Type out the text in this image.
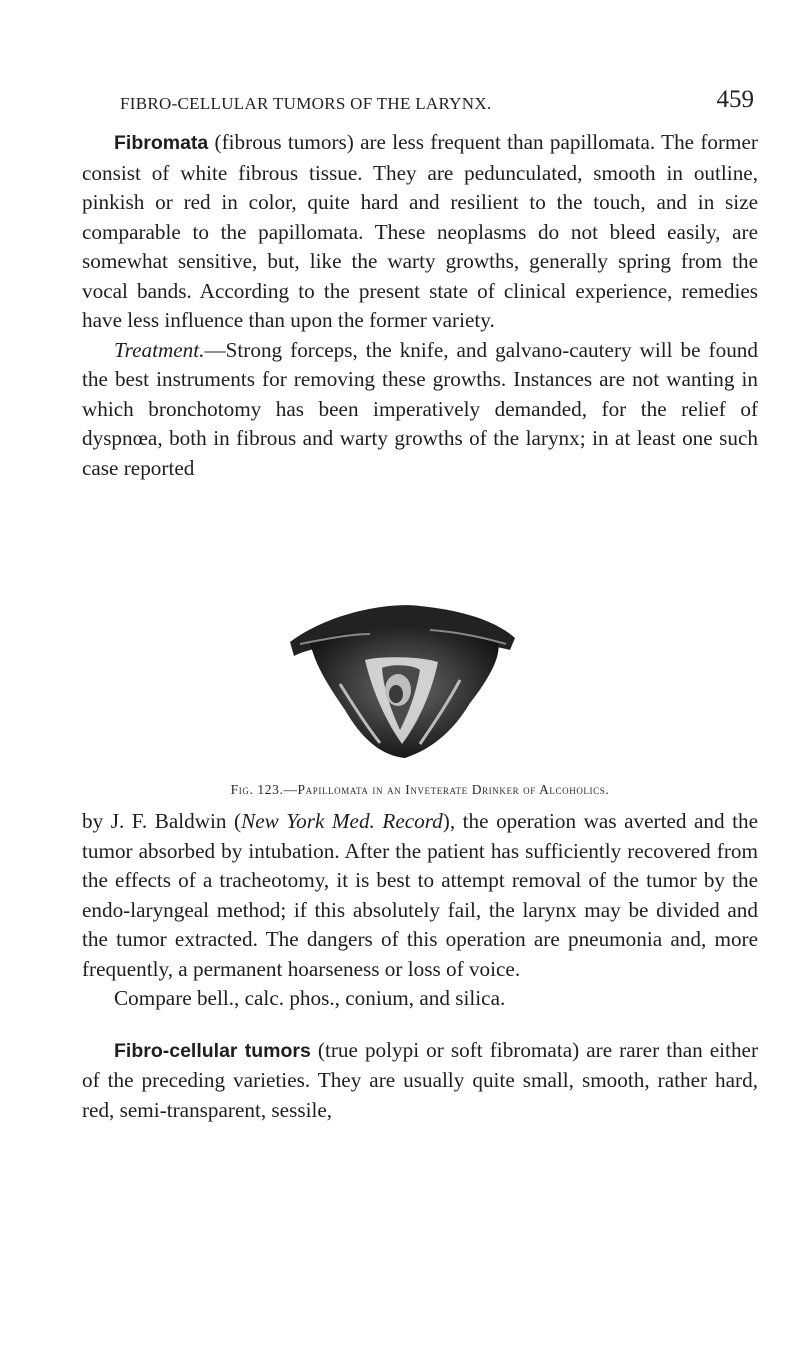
FIBRO-CELLULAR TUMORS OF THE LARYNX.	459

Fibromata (fibrous tumors) are less frequent than papillomata. The former consist of white fibrous tissue. They are pedunculated, smooth in outline, pinkish or red in color, quite hard and resilient to the touch, and in size comparable to the papillomata. These neoplasms do not bleed easily, are somewhat sensitive, but, like the warty growths, generally spring from the vocal bands. According to the present state of clinical experience, remedies have less influence than upon the former variety.

Treatment.—Strong forceps, the knife, and galvano-cautery will be found the best instruments for removing these growths. Instances are not wanting in which bronchotomy has been imperatively demanded, for the relief of dyspnœa, both in fibrous and warty growths of the larynx; in at least one such case reported

Fig. 123.—Papillomata in an Inveterate Drinker of Alcoholics.

by J. F. Baldwin (New York Med. Record), the operation was averted and the tumor absorbed by intubation. After the patient has sufficiently recovered from the effects of a tracheotomy, it is best to attempt removal of the tumor by the endo-laryngeal method; if this absolutely fail, the larynx may be divided and the tumor extracted. The dangers of this operation are pneumonia and, more frequently, a permanent hoarseness or loss of voice.

Compare bell., calc. phos., conium, and silica.

Fibro-cellular tumors (true polypi or soft fibromata) are rarer than either of the preceding varieties. They are usually quite small, smooth, rather hard, red, semi-transparent, sessile,
